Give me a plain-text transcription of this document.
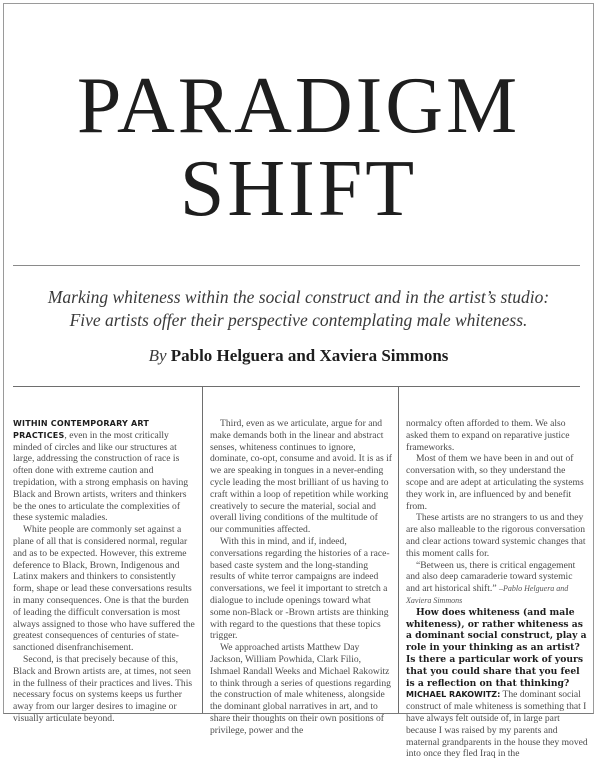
PARADIGM
SHIFT
Marking whiteness within the social construct and in the artist’s studio:
Five artists offer their perspective contemplating male whiteness.
By Pablo Helguera and Xaviera Simmons

WITHIN CONTEMPORARY ART PRACTICES, even in the most critically minded of circles and like our structures at large, addressing the construction of race is often done with extreme caution and trepidation, with a strong emphasis on having Black and Brown artists, writers and thinkers be the ones to articulate the complexities of these systemic maladies.

White people are commonly set against a plane of all that is considered normal, regular and as to be expected. However, this extreme deference to Black, Brown, Indigenous and Latinx makers and thinkers to consistently form, shape or lead these conversations results in many consequences. One is that the burden of leading the difficult conversation is most always assigned to those who have suffered the greatest consequences of centuries of state-sanctioned disenfranchisement.

Second, is that precisely because of this, Black and Brown artists are, at times, not seen in the fullness of their practices and lives. This necessary focus on systems keeps us further away from our larger desires to imagine or visually articulate beyond.

Third, even as we articulate, argue for and make demands both in the linear and abstract senses, whiteness continues to ignore, dominate, co-opt, consume and avoid. It is as if we are speaking in tongues in a never-ending cycle leading the most brilliant of us having to craft within a loop of repetition while working creatively to secure the material, social and overall living conditions of the multitude of our communities affected.

With this in mind, and if, indeed, conversations regarding the histories of a race-based caste system and the long-standing results of white terror campaigns are indeed conversations, we feel it important to stretch a dialogue to include openings toward what some non-Black or -Brown artists are thinking with regard to the questions that these topics trigger.

We approached artists Matthew Day Jackson, William Powhida, Clark Filio, Ishmael Randall Weeks and Michael Rakowitz to think through a series of questions regarding the construction of male whiteness, alongside the dominant global narratives in art, and to share their thoughts on their own positions of privilege, power and the

normalcy often afforded to them. We also asked them to expand on reparative justice frameworks.

Most of them we have been in and out of conversation with, so they understand the scope and are adept at articulating the systems they work in, are influenced by and benefit from.

These artists are no strangers to us and they are also malleable to the rigorous conversation and clear actions toward systemic changes that this moment calls for.

“Between us, there is critical engagement and also deep camaraderie toward systemic and art historical shift.” –Pablo Helguera and Xaviera Simmons

How does whiteness (and male whiteness), or rather whiteness as a dominant social construct, play a role in your thinking as an artist? Is there a particular work of yours that you could share that you feel is a reflection on that thinking?

MICHAEL RAKOWITZ: The dominant social construct of male whiteness is something that I have always felt outside of, in large part because I was raised by my parents and maternal grandparents in the house they moved into once they fled Iraq in the
